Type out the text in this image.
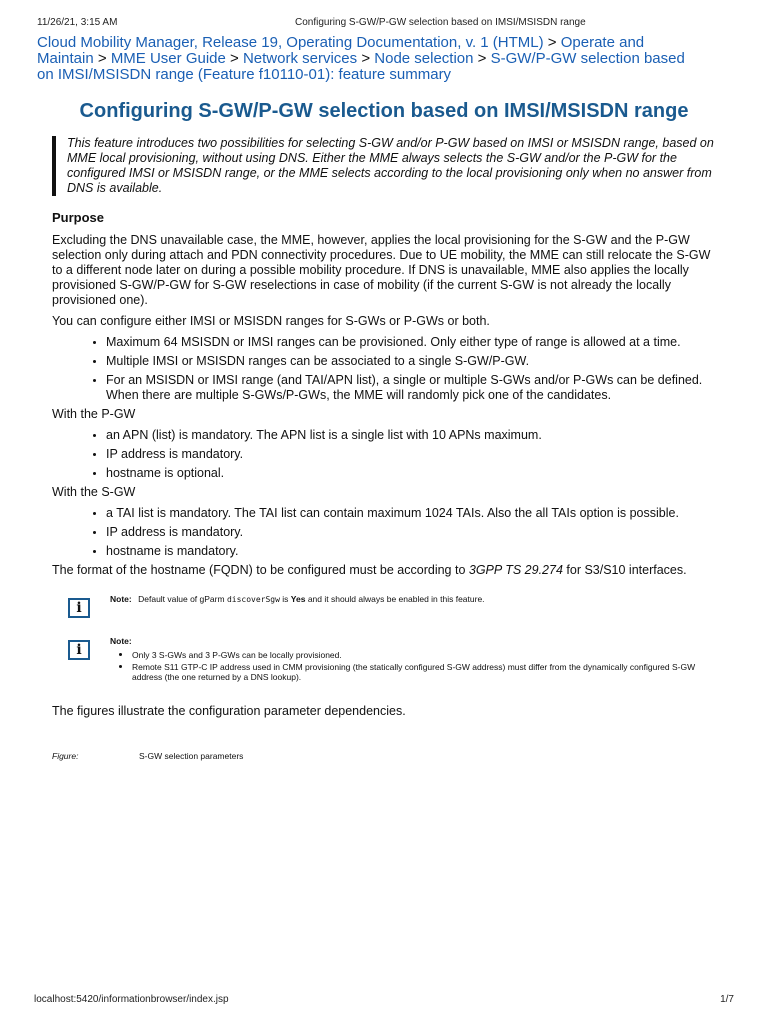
11/26/21, 3:15 AM	Configuring S-GW/P-GW selection based on IMSI/MSISDN range
Cloud Mobility Manager, Release 19, Operating Documentation, v. 1 (HTML) > Operate and Maintain > MME User Guide > Network services > Node selection > S-GW/P-GW selection based on IMSI/MSISDN range (Feature f10110-01): feature summary
Configuring S-GW/P-GW selection based on IMSI/MSISDN range
This feature introduces two possibilities for selecting S-GW and/or P-GW based on IMSI or MSISDN range, based on MME local provisioning, without using DNS. Either the MME always selects the S-GW and/or the P-GW for the configured IMSI or MSISDN range, or the MME selects according to the local provisioning only when no answer from DNS is available.
Purpose

Excluding the DNS unavailable case, the MME, however, applies the local provisioning for the S-GW and the P-GW selection only during attach and PDN connectivity procedures. Due to UE mobility, the MME can still relocate the S-GW to a different node later on during a possible mobility procedure. If DNS is unavailable, MME also applies the locally provisioned S-GW/P-GW for S-GW reselections in case of mobility (if the current S-GW is not already the locally provisioned one).

You can configure either IMSI or MSISDN ranges for S-GWs or P-GWs or both.

• Maximum 64 MSISDN or IMSI ranges can be provisioned. Only either type of range is allowed at a time.
• Multiple IMSI or MSISDN ranges can be associated to a single S-GW/P-GW.
• For an MSISDN or IMSI range (and TAI/APN list), a single or multiple S-GWs and/or P-GWs can be defined. When there are multiple S-GWs/P-GWs, the MME will randomly pick one of the candidates.

With the P-GW

• an APN (list) is mandatory. The APN list is a single list with 10 APNs maximum.
• IP address is mandatory.
• hostname is optional.

With the S-GW

• a TAI list is mandatory. The TAI list can contain maximum 1024 TAIs. Also the all TAIs option is possible.
• IP address is mandatory.
• hostname is mandatory.

The format of the hostname (FQDN) to be configured must be according to 3GPP TS 29.274 for S3/S10 interfaces.

i
Note: Default value of gParm discoverSgw is Yes and it should always be enabled in this feature.
i
Note:
• Only 3 S-GWs and 3 P-GWs can be locally provisioned.
• Remote S11 GTP-C IP address used in CMM provisioning (the statically configured S-GW address) must differ from the dynamically configured S-GW address (the one returned by a DNS lookup).

The figures illustrate the configuration parameter dependencies.

Figure:	S-GW selection parameters
localhost:5420/informationbrowser/index.jsp	1/7
